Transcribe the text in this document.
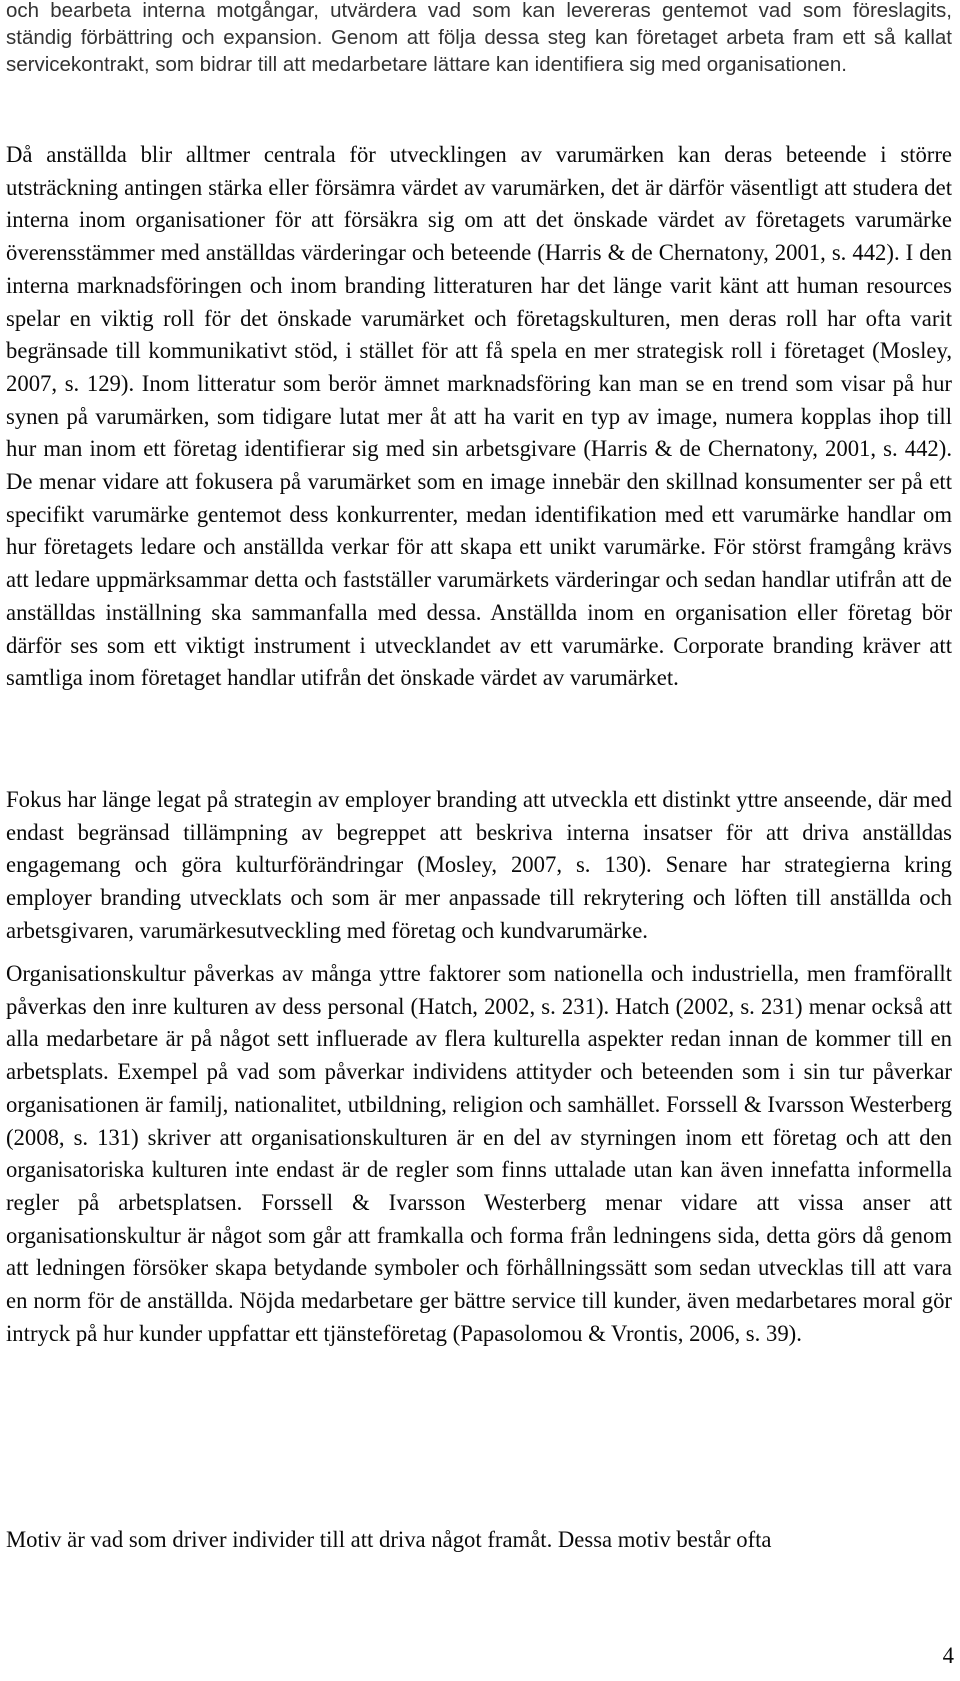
och bearbeta interna motgångar, utvärdera vad som kan levereras gentemot vad som föreslagits, ständig förbättring och expansion. Genom att följa dessa steg kan företaget arbeta fram ett så kallat servicekontrakt, som bidrar till att medarbetare lättare kan identifiera sig med organisationen.

Då anställda blir alltmer centrala för utvecklingen av varumärken kan deras beteende i större utsträckning antingen stärka eller försämra värdet av varumärken, det är därför väsentligt att studera det interna inom organisationer för att försäkra sig om att det önskade värdet av företagets varumärke överensstämmer med anställdas värderingar och beteende (Harris & de Chernatony, 2001, s. 442). I den interna marknadsföringen och inom branding litteraturen har det länge varit känt att human resources spelar en viktig roll för det önskade varumärket och företagskulturen, men deras roll har ofta varit begränsade till kommunikativt stöd, i stället för att få spela en mer strategisk roll i företaget (Mosley, 2007, s. 129). Inom litteratur som berör ämnet marknadsföring kan man se en trend som visar på hur synen på varumärken, som tidigare lutat mer åt att ha varit en typ av image, numera kopplas ihop till hur man inom ett företag identifierar sig med sin arbetsgivare (Harris & de Chernatony, 2001, s. 442). De menar vidare att fokusera på varumärket som en image innebär den skillnad konsumenter ser på ett specifikt varumärke gentemot dess konkurrenter, medan identifikation med ett varumärke handlar om hur företagets ledare och anställda verkar för att skapa ett unikt varumärke. För störst framgång krävs att ledare uppmärksammar detta och fastställer varumärkets värderingar och sedan handlar utifrån att de anställdas inställning ska sammanfalla med dessa. Anställda inom en organisation eller företag bör därför ses som ett viktigt instrument i utvecklandet av ett varumärke. Corporate branding kräver att samtliga inom företaget handlar utifrån det önskade värdet av varumärket.

Fokus har länge legat på strategin av employer branding att utveckla ett distinkt yttre anseende, där med endast begränsad tillämpning av begreppet att beskriva interna insatser för att driva anställdas engagemang och göra kulturförändringar (Mosley, 2007, s. 130). Senare har strategierna kring employer branding utvecklats och som är mer anpassade till rekrytering och löften till anställda och arbetsgivaren, varumärkesutveckling med företag och kundvarumärke.

Organisationskultur påverkas av många yttre faktorer som nationella och industriella, men framförallt påverkas den inre kulturen av dess personal (Hatch, 2002, s. 231). Hatch (2002, s. 231) menar också att alla medarbetare är på något sett influerade av flera kulturella aspekter redan innan de kommer till en arbetsplats. Exempel på vad som påverkar individens attityder och beteenden som i sin tur påverkar organisationen är familj, nationalitet, utbildning, religion och samhället. Forssell & Ivarsson Westerberg (2008, s. 131) skriver att organisationskulturen är en del av styrningen inom ett företag och att den organisatoriska kulturen inte endast är de regler som finns uttalade utan kan även innefatta informella regler på arbetsplatsen. Forssell & Ivarsson Westerberg menar vidare att vissa anser att organisationskultur är något som går att framkalla och forma från ledningens sida, detta görs då genom att ledningen försöker skapa betydande symboler och förhållningssätt som sedan utvecklas till att vara en norm för de anställda. Nöjda medarbetare ger bättre service till kunder, även medarbetares moral gör intryck på hur kunder uppfattar ett tjänsteföretag (Papasolomou & Vrontis, 2006, s. 39).

Motiv är vad som driver individer till att driva något framåt. Dessa motiv består ofta

4
